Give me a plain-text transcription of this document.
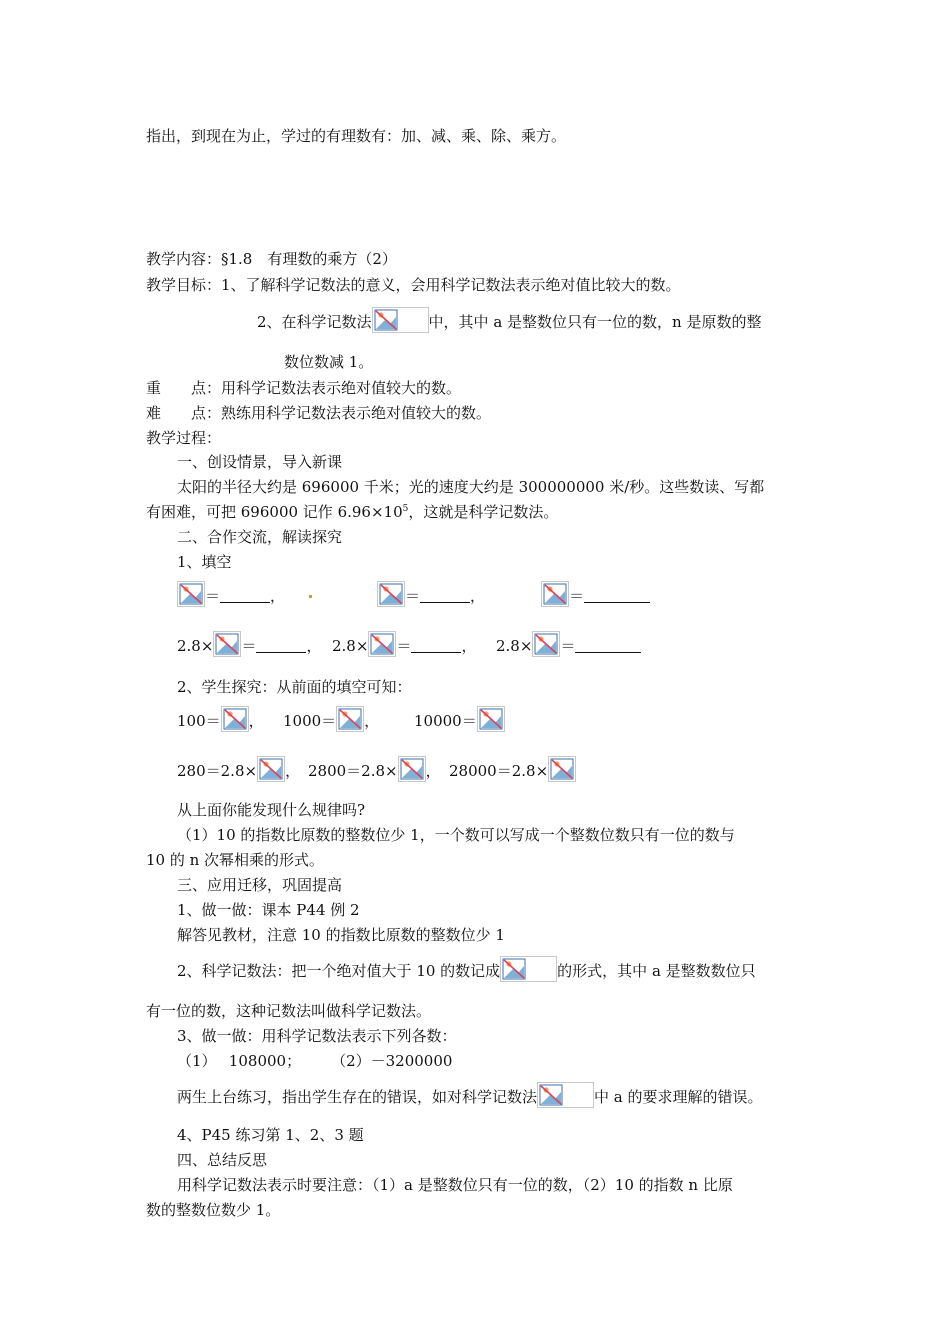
指出，到现在为止，学过的有理数有：加、减、乘、除、乘方。
教学内容：§1.8　有理数的乘方（2）
教学目标：1、了解科学记数法的意义，会用科学记数法表示绝对值比较大的数。
2、在科学记数法	中，其中 a 是整数位只有一位的数，n 是原数的整
数位数减 1。
重　　点：用科学记数法表示绝对值较大的数。
难　　点：熟练用科学记数法表示绝对值较大的数。
教学过程：
一、创设情景，导入新课
太阳的半径大约是 696000 千米；光的速度大约是 300000000 米/秒。这些数读、写都
有困难，可把 696000 记作 $6.96\times 10^5$，这就是科学记数法。
二、合作交流，解读探究
1、填空
＝	，	＝	，	＝
2.8× ＝	， 2.8× ＝	， 2.8× ＝
2、学生探究：从前面的填空可知：
100＝ ， 1000＝ ， 10000＝
280＝2.8× ， 2800＝2.8× ， 28000＝2.8×
从上面你能发现什么规律吗?
（1）10 的指数比原数的整数位少 1，一个数可以写成一个整数位数只有一位的数与
10 的 n 次幂相乘的形式。
三、应用迁移，巩固提高
1、做一做：课本 P44 例 2
解答见教材，注意 10 的指数比原数的整数位少 1
2、科学记数法：把一个绝对值大于 10 的数记成	的形式，其中 a 是整数数位只
有一位的数，这种记数法叫做科学记数法。
3、做一做：用科学记数法表示下列各数：
（1）　 108000；　　　（2）－3200000
两生上台练习，指出学生存在的错误，如对科学记数法	中 a 的要求理解的错误。
4、P45 练习第 1、2、3 题
四、总结反思
用科学记数法表示时要注意：（1）a 是整数位只有一位的数，（2）10 的指数 n 比原
数的整数位数少 1。
